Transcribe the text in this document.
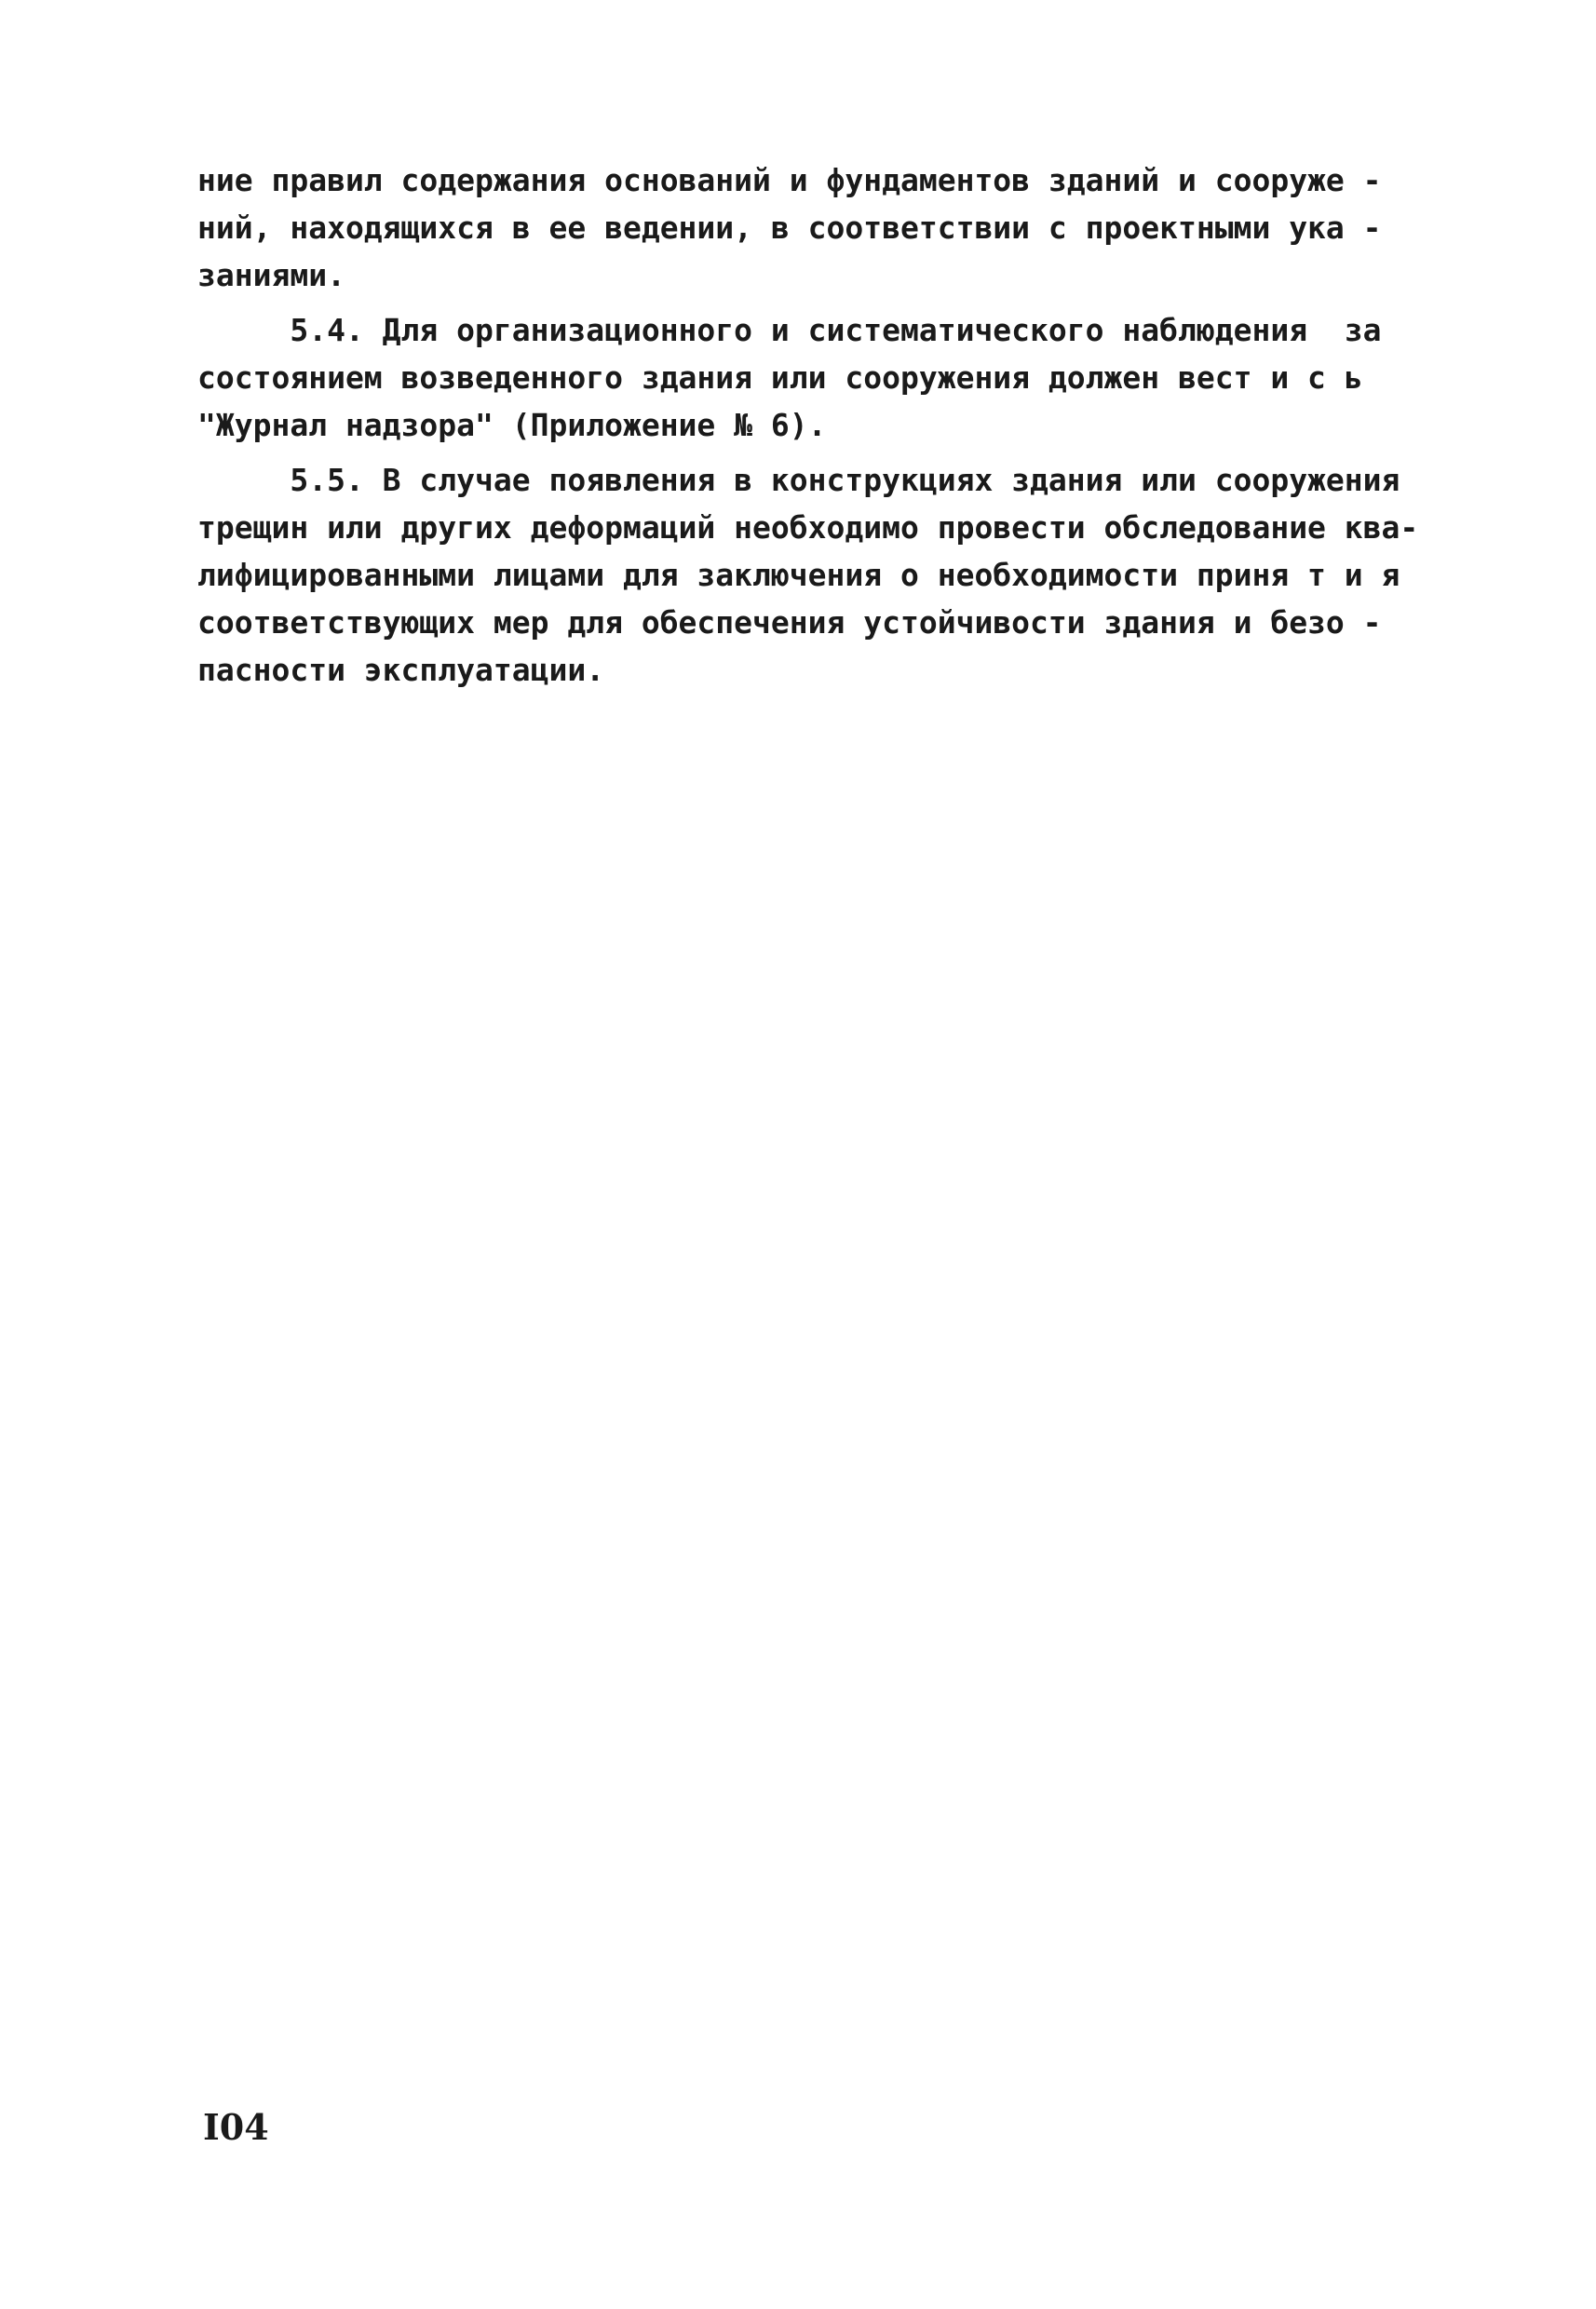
ние правил содержания оснований и фундаментов зданий и сооруже -
ний, находящихся в ее ведении, в соответствии с проектными ука -
заниями.
5.4. Для организационного и систематического наблюдения  за
состоянием возведенного здания или сооружения должен вест и с ь
"Журнал надзора" (Приложение № 6).
5.5. В случае появления в конструкциях здания или сооружения
трещин или других деформаций необходимо провести обследование ква-
лифицированными лицами для заключения о необходимости приня т и я
соответствующих мер для обеспечения устойчивости здания и безо -
пасности эксплуатации.
I04
